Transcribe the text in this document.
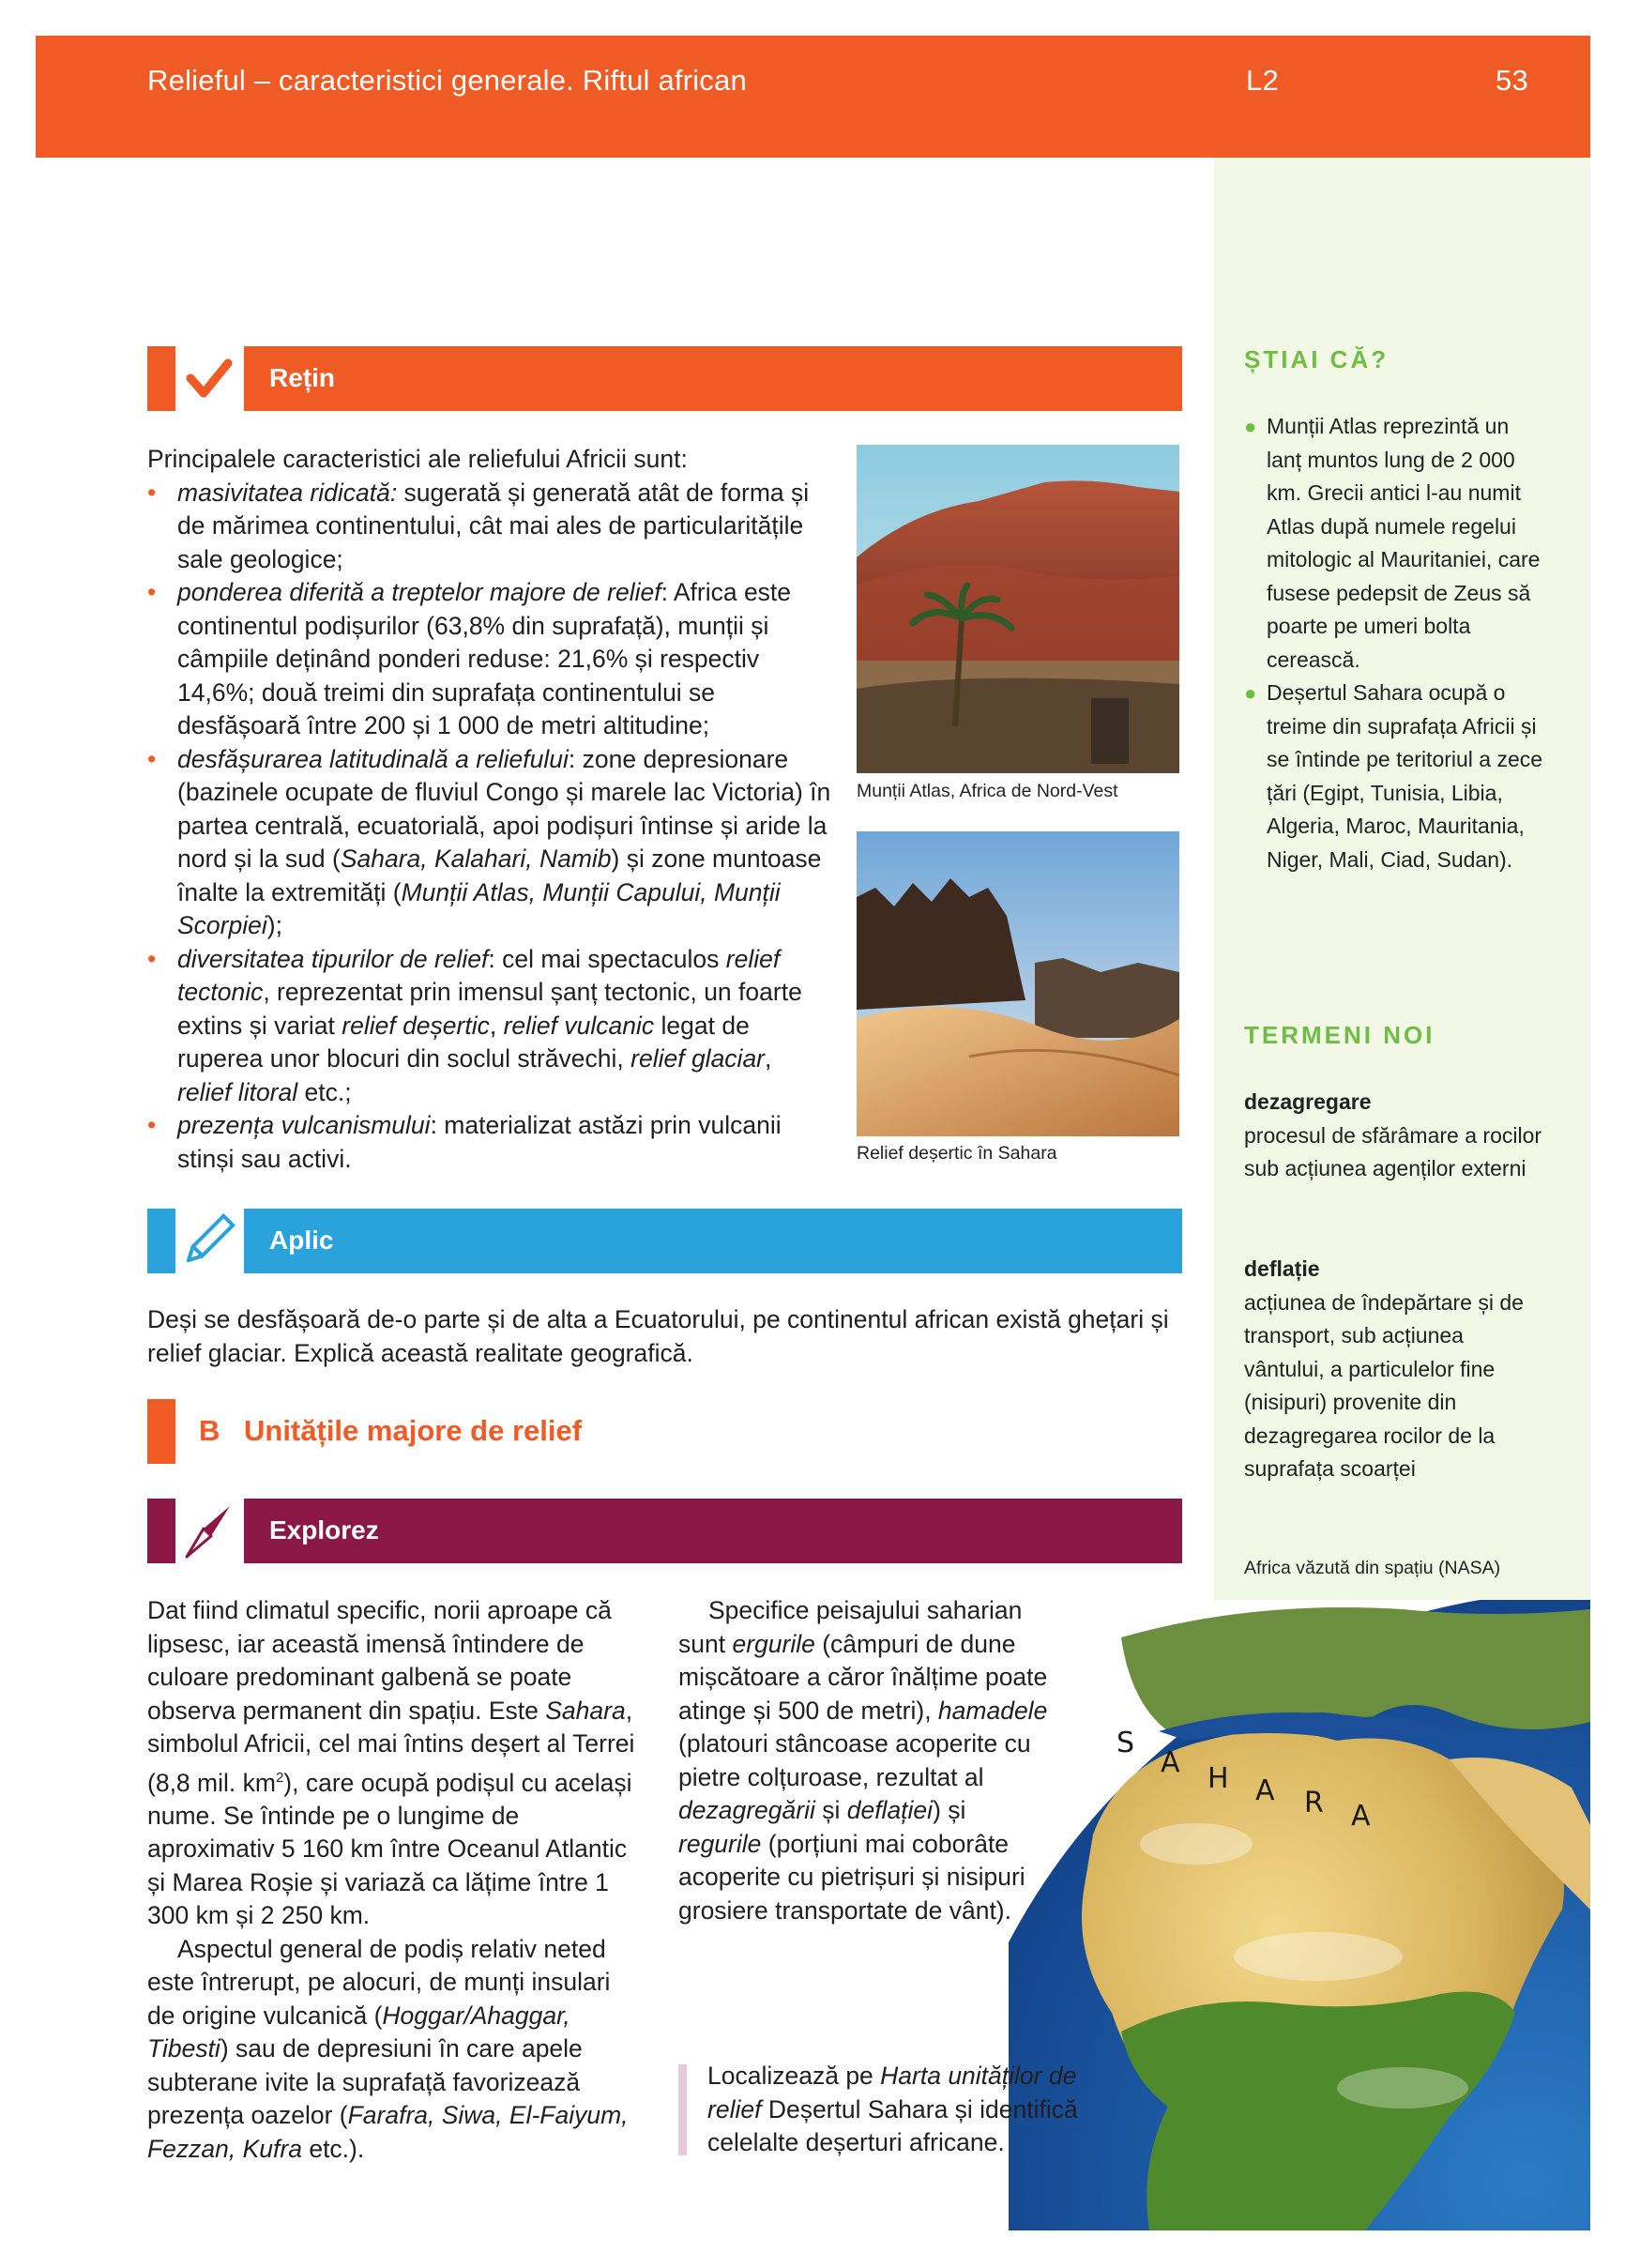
Relieful – caracteristici generale. Riftul african	L2	53
ȘTIAI CĂ?
● Munții Atlas reprezintă un lanț muntos lung de 2 000 km. Grecii antici l-au numit Atlas după numele regelui mitologic al Mauritaniei, care fusese pedepsit de Zeus să poarte pe umeri bolta cerească.
● Deșertul Sahara ocupă o treime din suprafața Africii și se întinde pe teritoriul a zece țări (Egipt, Tunisia, Libia, Algeria, Maroc, Mauritania, Niger, Mali, Ciad, Sudan).
TERMENI NOI
dezagregare
procesul de sfărâmare a rocilor sub acțiunea agenților externi
deflație
acțiunea de îndepărtare și de transport, sub acțiunea vântului, a particulelor fine (nisipuri) provenite din dezagregarea rocilor de la suprafața scoarței
Africa văzută din spațiu (NASA)
S
A H A R A
Rețin

Principalele caracteristici ale reliefului Africii sunt:

• masivitatea ridicată: sugerată și generată atât de forma și de mărimea continentului, cât mai ales de particularitățile sale geologice;
• ponderea diferită a treptelor majore de relief: Africa este continentul podișurilor (63,8% din suprafață), munții și câmpiile deținând ponderi reduse: 21,6% și respectiv 14,6%; două treimi din suprafața continentului se desfășoară între 200 și 1 000 de metri altitudine;
• desfășurarea latitudinală a reliefului: zone depresionare (bazinele ocupate de fluviul Congo și marele lac Victoria) în partea centrală, ecuatorială, apoi podișuri întinse și aride la nord și la sud (Sahara, Kalahari, Namib) și zone muntoase înalte la extremități (Munții Atlas, Munții Capului, Munții Scorpiei);
• diversitatea tipurilor de relief: cel mai spectaculos relief tectonic, reprezentat prin imensul șanț tectonic, un foarte extins și variat relief deșertic, relief vulcanic legat de ruperea unor blocuri din soclul străvechi, relief glaciar, relief litoral etc.;
• prezența vulcanismului: materializat astăzi prin vulcanii stinși sau activi.
Munții Atlas, Africa de Nord-Vest
Relief deșertic în Sahara
Aplic
Deși se desfășoară de-o parte și de alta a Ecuatorului, pe continentul african există ghețari și relief glaciar. Explică această realitate geografică.
B Unitățile majore de relief
Explorez

Dat fiind climatul specific, norii aproape că lipsesc, iar această imensă întindere de culoare predominant galbenă se poate observa permanent din spațiu. Este Sahara, simbolul Africii, cel mai întins deșert al Terrei (8,8 mil. $km^2$), care ocupă podișul cu același nume. Se întinde pe o lungime de aproximativ 5 160 km între Oceanul Atlantic și Marea Roșie și variază ca lățime între 1 300 km și 2 250 km.

Aspectul general de podiș relativ neted este întrerupt, pe alocuri, de munți insulari de origine vulcanică (Hoggar/Ahaggar, Tibesti) sau de depresiuni în care apele subterane ivite la suprafață favorizează prezența oazelor (Farafra, Siwa, El-Faiyum, Fezzan, Kufra etc.).

Specifice peisajului saharian sunt ergurile (câmpuri de dune mișcătoare a căror înălțime poate atinge și 500 de metri), hamadele (platouri stâncoase acoperite cu pietre colțuroase, rezultat al dezagregării și deflației) și regurile (porțiuni mai coborâte acoperite cu pietrișuri și nisipuri grosiere transportate de vânt).

Localizează pe Harta unităților de relief Deșertul Sahara și identifică celelalte deșerturi africane.
